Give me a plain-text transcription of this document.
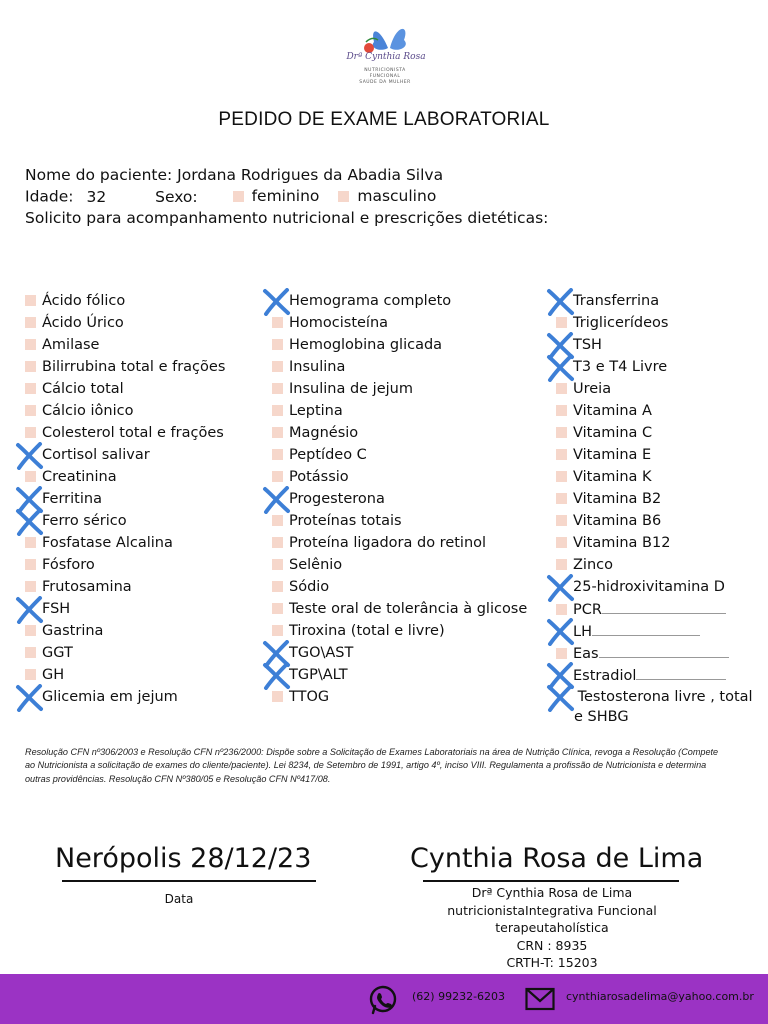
Drª Cynthia Rosa
NUTRICIONISTA
FUNCIONAL
SAÚDE DA MULHER
PEDIDO DE EXAME LABORATORIAL
Nome do paciente: Jordana Rodrigues da Abadia Silva
Idade: 32	Sexo:	feminino
masculino
Solicito para acompanhamento nutricional e prescrições dietéticas:
Ácido fólico
Ácido Úrico
Amilase
Bilirrubina total e frações
Cálcio total
Cálcio iônico
Colesterol total e frações
Cortisol salivar
Creatinina
Ferritina
Ferro sérico
Fosfatase Alcalina
Fósforo
Frutosamina
FSH
Gastrina
GGT
GH
Glicemia em jejum
Hemograma completo
Homocisteína
Hemoglobina glicada
Insulina
Insulina de jejum
Leptina
Magnésio
Peptídeo C
Potássio
Progesterona
Proteínas totais
Proteína ligadora do retinol
Selênio
Sódio
Teste oral de tolerância à glicose
Tiroxina (total e livre)
TGO\AST
TGP\ALT
TTOG
Transferrina
Triglicerídeos
TSH
T3 e T4 Livre
Ureia
Vitamina A
Vitamina C
Vitamina E
Vitamina K
Vitamina B2
Vitamina B6
Vitamina B12
Zinco
25-hidroxivitamina D
PCR
LH
Eas
Estradiol
Testosterona livre , total
e SHBG
Resolução CFN nº306/2003 e Resolução CFN nº236/2000: Dispõe sobre a Solicitação de Exames Laboratoriais na área de Nutrição Clínica, revoga a Resolução (Compete ao Nutricionista a solicitação de exames do cliente/paciente). Lei 8234, de Setembro de 1991, artigo 4º, inciso VIII. Regulamenta a profissão de Nutricionista e determina outras providências. Resolução CFN Nº380/05 e Resolução CFN Nº417/08.
Nerópolis 28/12/23
Data
Cynthia Rosa de Lima
Drª Cynthia Rosa de Lima
nutricionistaIntegrativa Funcional
terapeutaholística
CRN : 8935
CRTH-T: 15203
(62) 99232-6203	cynthiarosadelima@yahoo.com.br
